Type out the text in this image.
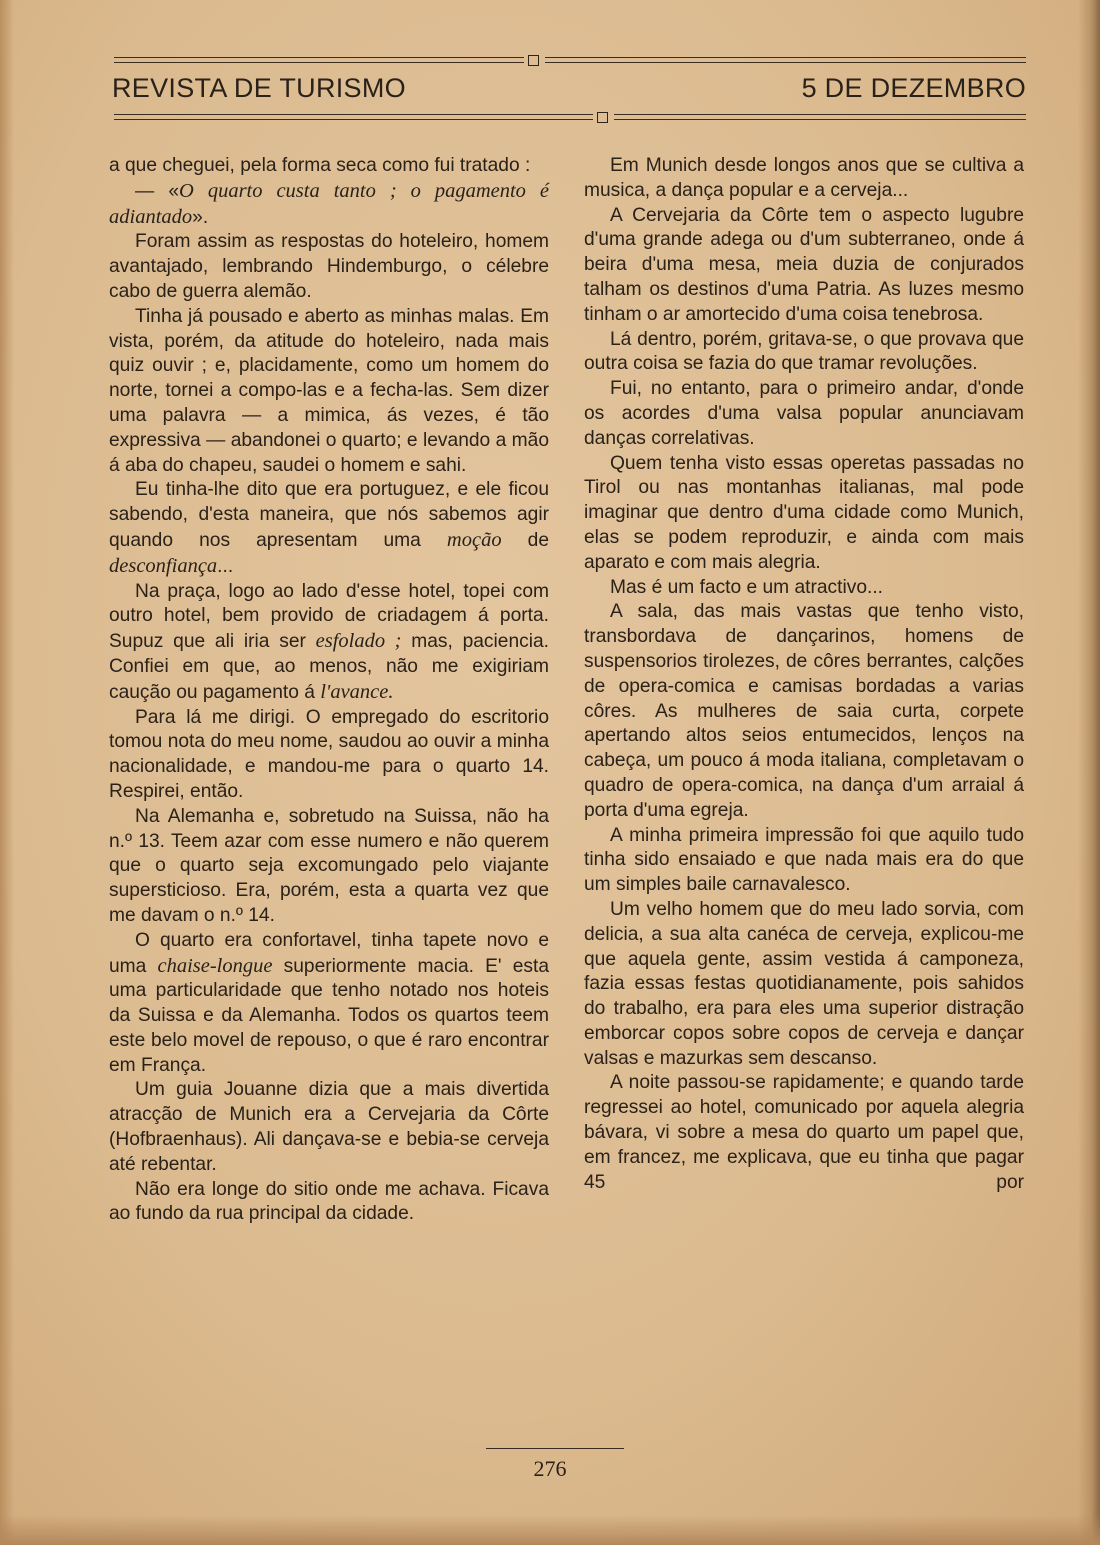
REVISTA DE TURISMO	5 DE DEZEMBRO

a que cheguei, pela forma seca como fui tratado :

— «O quarto custa tanto ; o pagamento é adiantado».

Foram assim as respostas do hoteleiro, homem avantajado, lembrando Hindemburgo, o célebre cabo de guerra alemão.

Tinha já pousado e aberto as minhas malas. Em vista, porém, da atitude do hoteleiro, nada mais quiz ouvir ; e, placidamente, como um homem do norte, tornei a compo-las e a fecha-las. Sem dizer uma palavra — a mimica, ás vezes, é tão expressiva — abandonei o quarto; e levando a mão á aba do chapeu, saudei o homem e sahi.

Eu tinha-lhe dito que era portuguez, e ele ficou sabendo, d'esta maneira, que nós sabemos agir quando nos apresentam uma moção de desconfiança...

Na praça, logo ao lado d'esse hotel, topei com outro hotel, bem provido de criadagem á porta. Supuz que ali iria ser esfolado ; mas, paciencia. Confiei em que, ao menos, não me exigiriam caução ou pagamento á l'avance.

Para lá me dirigi. O empregado do escritorio tomou nota do meu nome, saudou ao ouvir a minha nacionalidade, e mandou-me para o quarto 14. Respirei, então.

Na Alemanha e, sobretudo na Suissa, não ha n.º 13. Teem azar com esse numero e não querem que o quarto seja excomungado pelo viajante supersticioso. Era, porém, esta a quarta vez que me davam o n.º 14.

O quarto era confortavel, tinha tapete novo e uma chaise-longue superiormente macia. E' esta uma particularidade que tenho notado nos hoteis da Suissa e da Alemanha. Todos os quartos teem este belo movel de repouso, o que é raro encontrar em França.

Um guia Jouanne dizia que a mais divertida atracção de Munich era a Cervejaria da Côrte (Hofbraenhaus). Ali dançava-se e bebia-se cerveja até rebentar.

Não era longe do sitio onde me achava. Ficava ao fundo da rua principal da cidade.

Em Munich desde longos anos que se cultiva a musica, a dança popular e a cerveja...

A Cervejaria da Côrte tem o aspecto lugubre d'uma grande adega ou d'um subterraneo, onde á beira d'uma mesa, meia duzia de conjurados talham os destinos d'uma Patria. As luzes mesmo tinham o ar amortecido d'uma coisa tenebrosa.

Lá dentro, porém, gritava-se, o que provava que outra coisa se fazia do que tramar revoluções.

Fui, no entanto, para o primeiro andar, d'onde os acordes d'uma valsa popular anunciavam danças correlativas.

Quem tenha visto essas operetas passadas no Tirol ou nas montanhas italianas, mal pode imaginar que dentro d'uma cidade como Munich, elas se podem reproduzir, e ainda com mais aparato e com mais alegria.

Mas é um facto e um atractivo...

A sala, das mais vastas que tenho visto, transbordava de dançarinos, homens de suspensorios tirolezes, de côres berrantes, calções de opera-comica e camisas bordadas a varias côres. As mulheres de saia curta, corpete apertando altos seios entumecidos, lenços na cabeça, um pouco á moda italiana, completavam o quadro de opera-comica, na dança d'um arraial á porta d'uma egreja.

A minha primeira impressão foi que aquilo tudo tinha sido ensaiado e que nada mais era do que um simples baile carnavalesco.

Um velho homem que do meu lado sorvia, com delicia, a sua alta canéca de cerveja, explicou-me que aquela gente, assim vestida á camponeza, fazia essas festas quotidianamente, pois sahidos do trabalho, era para eles uma superior distração emborcar copos sobre copos de cerveja e dançar valsas e mazurkas sem descanso.

A noite passou-se rapidamente; e quando tarde regressei ao hotel, comunicado por aquela alegria bávara, vi sobre a mesa do quarto um papel que, em francez, me explicava, que eu tinha que pagar 45 por

276
